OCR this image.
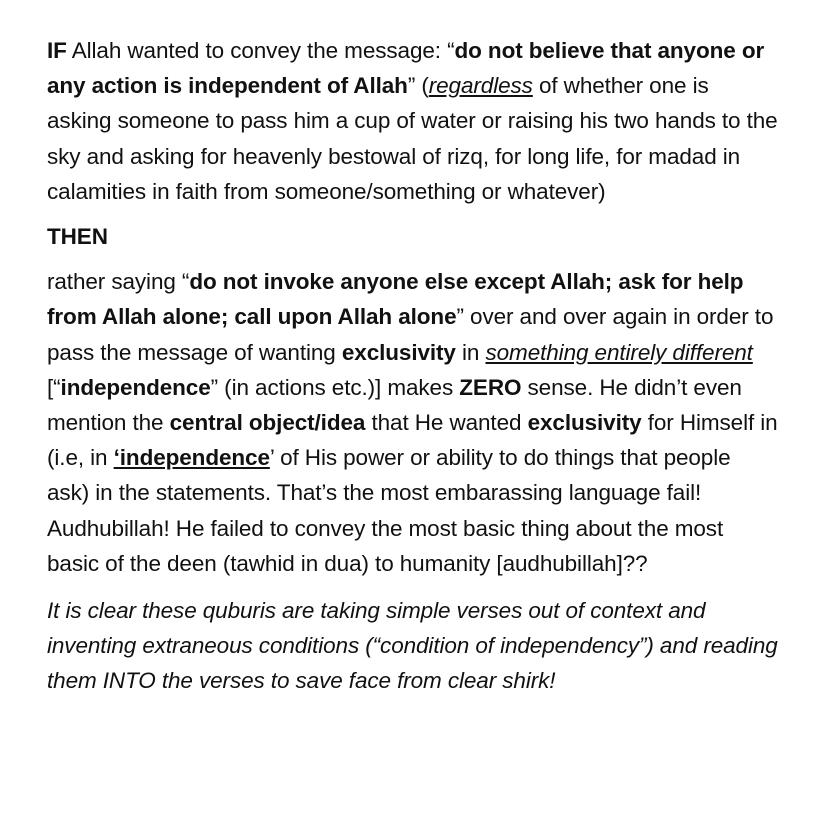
IF Allah wanted to convey the message: “do not believe that anyone or any action is independent of Allah” (regardless of whether one is asking someone to pass him a cup of water or raising his two hands to the sky and asking for heavenly bestowal of rizq, for long life, for madad in calamities in faith from someone/something or whatever)

THEN

rather saying “do not invoke anyone else except Allah; ask for help from Allah alone; call upon Allah alone” over and over again in order to pass the message of wanting exclusivity in something entirely different [“independence” (in actions etc.)] makes ZERO sense. He didn’t even mention the central object/idea that He wanted exclusivity for Himself in (i.e, in ‘independence’ of His power or ability to do things that people ask) in the statements. That’s the most embarassing language fail! Audhubillah! He failed to convey the most basic thing about the most basic of the deen (tawhid in dua) to humanity [audhubillah]??

It is clear these quburis are taking simple verses out of context and inventing extraneous conditions (“condition of independency”) and reading them INTO the verses to save face from clear shirk!
